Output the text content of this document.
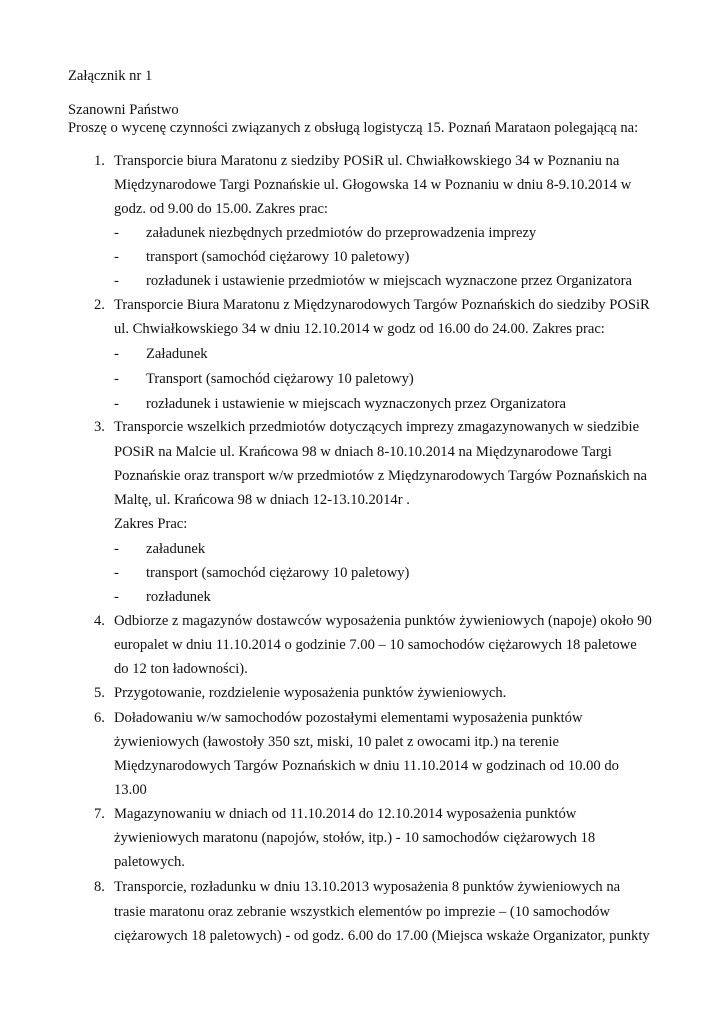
Załącznik nr 1
Szanowni Państwo
Proszę o wycenę czynności związanych z obsługą logistyczą 15. Poznań Marataon polegającą na:
1. Transporcie biura Maratonu z siedziby POSiR ul. Chwiałkowskiego 34 w Poznaniu na
Międzynarodowe Targi Poznańskie ul. Głogowska 14 w Poznaniu w dniu 8-9.10.2014 w
godz. od 9.00 do 15.00. Zakres prac:
- załadunek niezbędnych przedmiotów do przeprowadzenia imprezy
- transport (samochód ciężarowy 10 paletowy)
- rozładunek i ustawienie przedmiotów w miejscach wyznaczone przez Organizatora
2. Transporcie Biura Maratonu z Międzynarodowych Targów Poznańskich do siedziby POSiR
ul. Chwiałkowskiego 34 w dniu 12.10.2014 w godz od 16.00 do 24.00. Zakres prac:
- Załadunek
- Transport (samochód ciężarowy 10 paletowy)
- rozładunek i ustawienie w miejscach wyznaczonych przez Organizatora
3. Transporcie wszelkich przedmiotów dotyczących imprezy zmagazynowanych w siedzibie
POSiR na Malcie ul. Krańcowa 98 w dniach 8-10.10.2014 na Międzynarodowe Targi
Poznańskie oraz transport w/w przedmiotów z Międzynarodowych Targów Poznańskich na
Maltę, ul. Krańcowa 98 w dniach 12-13.10.2014r .
Zakres Prac:
- załadunek
- transport (samochód ciężarowy 10 paletowy)
- rozładunek
4. Odbiorze z magazynów dostawców wyposażenia punktów żywieniowych (napoje) około 90
europalet w dniu 11.10.2014 o godzinie 7.00 – 10 samochodów ciężarowych 18 paletowe
do 12 ton ładowności).
5. Przygotowanie, rozdzielenie wyposażenia punktów żywieniowych.
6. Doładowaniu w/w samochodów pozostałymi elementami wyposażenia punktów
żywieniowych (ławostoły 350 szt, miski, 10 palet z owocami itp.) na terenie
Międzynarodowych Targów Poznańskich w dniu 11.10.2014 w godzinach od 10.00 do
13.00
7. Magazynowaniu w dniach od 11.10.2014 do 12.10.2014 wyposażenia punktów
żywieniowych maratonu (napojów, stołów, itp.) - 10 samochodów ciężarowych 18
paletowych.
8. Transporcie, rozładunku w dniu 13.10.2013 wyposażenia 8 punktów żywieniowych na
trasie maratonu oraz zebranie wszystkich elementów po imprezie – (10 samochodów
ciężarowych 18 paletowych) - od godz. 6.00 do 17.00 (Miejsca wskaże Organizator, punkty
